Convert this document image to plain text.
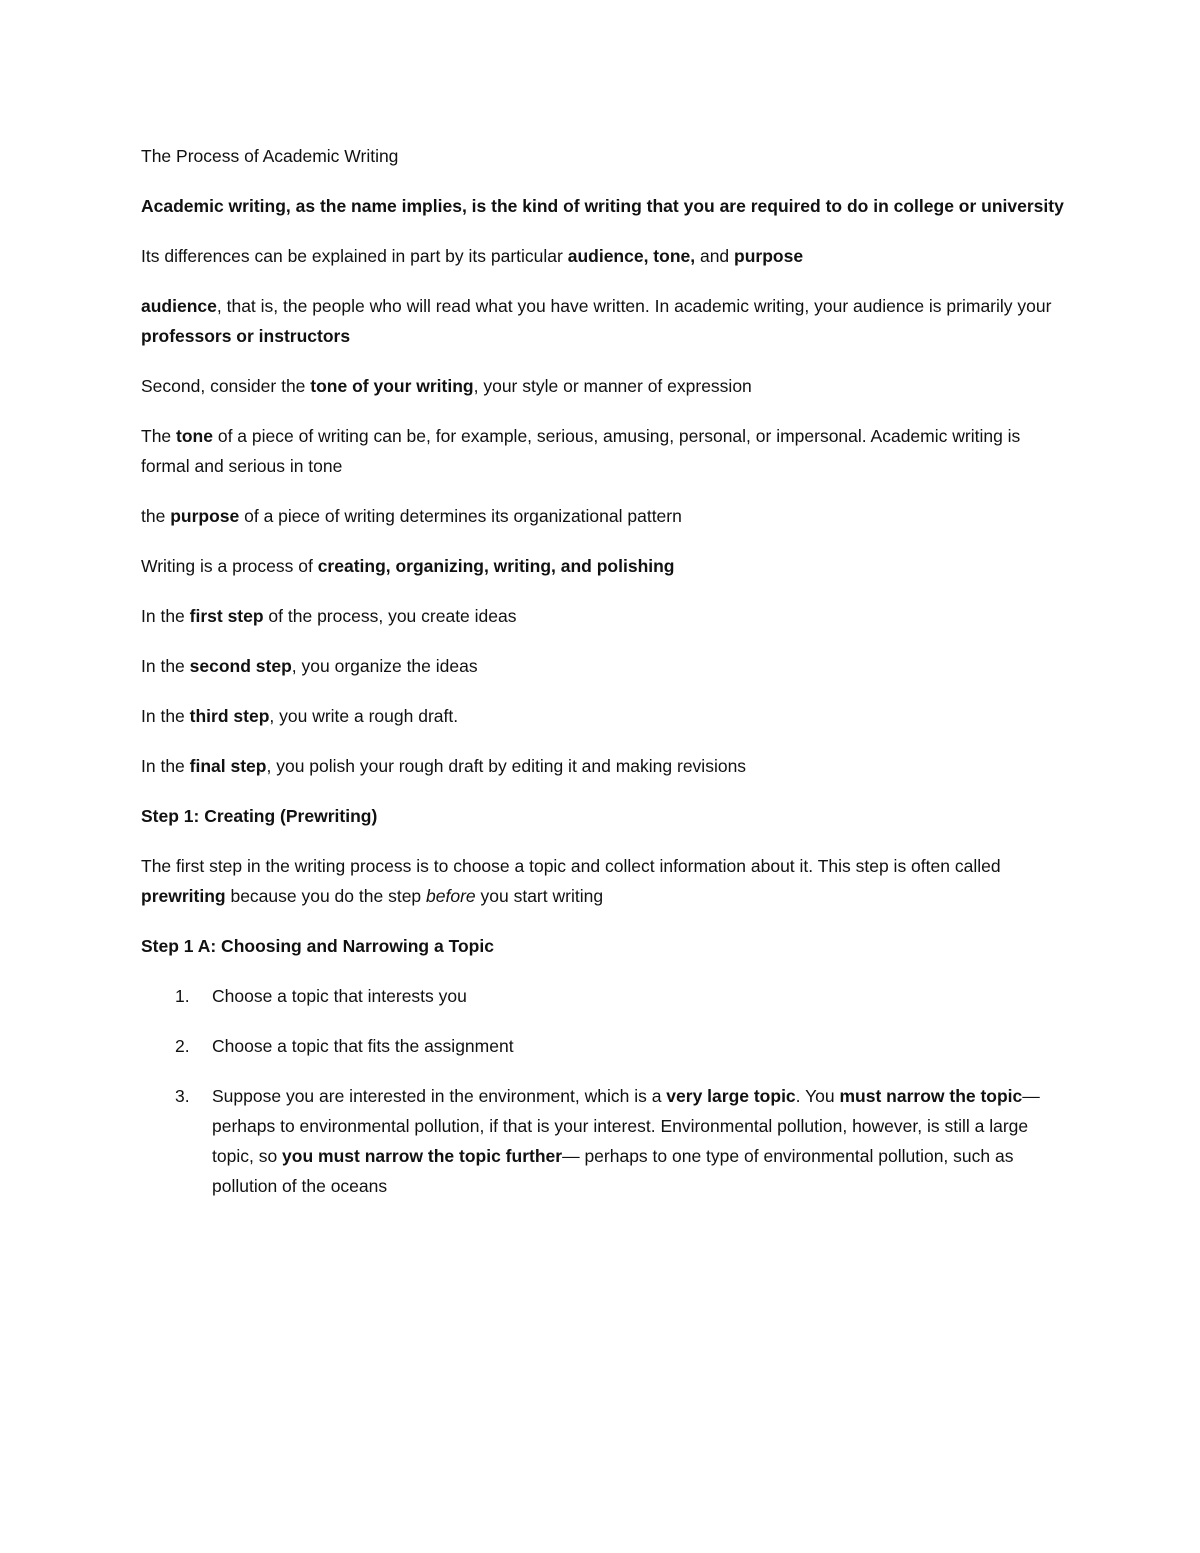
The Process of Academic Writing

Academic writing, as the name implies, is the kind of writing that you are required to do in college or university

Its differences can be explained in part by its particular audience, tone, and purpose

audience, that is, the people who will read what you have written. In academic writing, your audience is primarily your professors or instructors

Second, consider the tone of your writing, your style or manner of expression

The tone of a piece of writing can be, for example, serious, amusing, personal, or impersonal. Academic writing is formal and serious in tone

the purpose of a piece of writing determines its organizational pattern

Writing is a process of creating, organizing, writing, and polishing

In the first step of the process, you create ideas

In the second step, you organize the ideas

In the third step, you write a rough draft.

In the final step, you polish your rough draft by editing it and making revisions

Step 1: Creating (Prewriting)

The first step in the writing process is to choose a topic and collect information about it. This step is often called prewriting because you do the step before you start writing

Step 1 A: Choosing and Narrowing a Topic

1. Choose a topic that interests you
2. Choose a topic that fits the assignment
3. Suppose you are interested in the environment, which is a very large topic. You must narrow the topic—perhaps to environmental pollution, if that is your interest. Environmental pollution, however, is still a large topic, so you must narrow the topic further— perhaps to one type of environmental pollution, such as pollution of the oceans
